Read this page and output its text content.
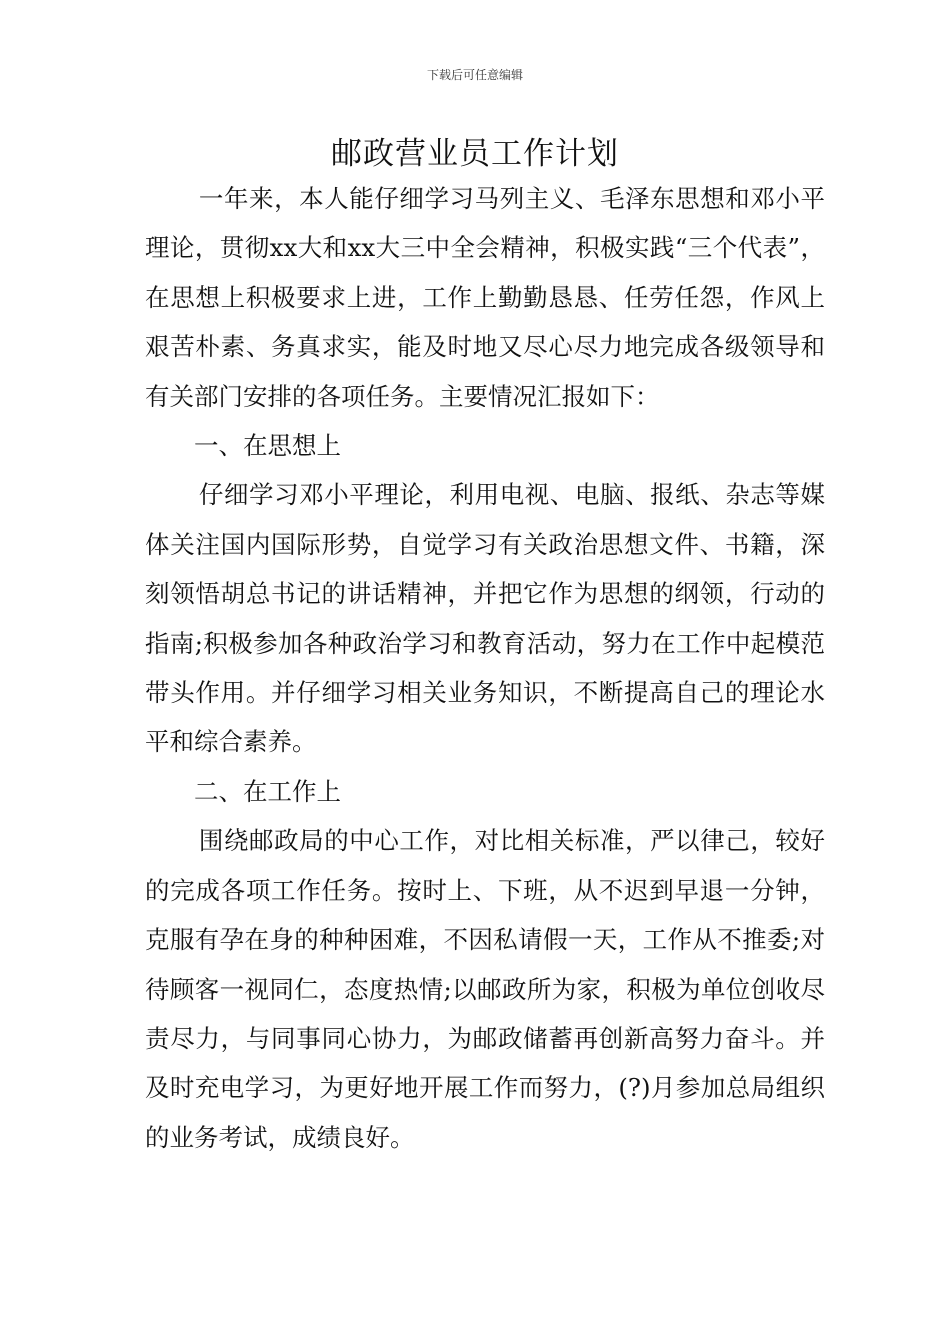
下载后可任意编辑
邮政营业员工作计划

一年来，本人能仔细学习马列主义、毛泽东思想和邓小平理论，贯彻xx大和xx大三中全会精神，积极实践“三个代表”，在思想上积极要求上进，工作上勤勤恳恳、任劳任怨，作风上艰苦朴素、务真求实，能及时地又尽心尽力地完成各级领导和有关部门安排的各项任务。主要情况汇报如下：

一、在思想上

仔细学习邓小平理论，利用电视、电脑、报纸、杂志等媒体关注国内国际形势，自觉学习有关政治思想文件、书籍，深刻领悟胡总书记的讲话精神，并把它作为思想的纲领，行动的指南;积极参加各种政治学习和教育活动，努力在工作中起模范带头作用。并仔细学习相关业务知识，不断提高自己的理论水平和综合素养。

二、在工作上

围绕邮政局的中心工作，对比相关标准，严以律己，较好的完成各项工作任务。按时上、下班，从不迟到早退一分钟，克服有孕在身的种种困难，不因私请假一天，工作从不推委;对待顾客一视同仁，态度热情;以邮政所为家，积极为单位创收尽责尽力，与同事同心协力，为邮政储蓄再创新高努力奋斗。并及时充电学习，为更好地开展工作而努力，(?)月参加总局组织的业务考试，成绩良好。
